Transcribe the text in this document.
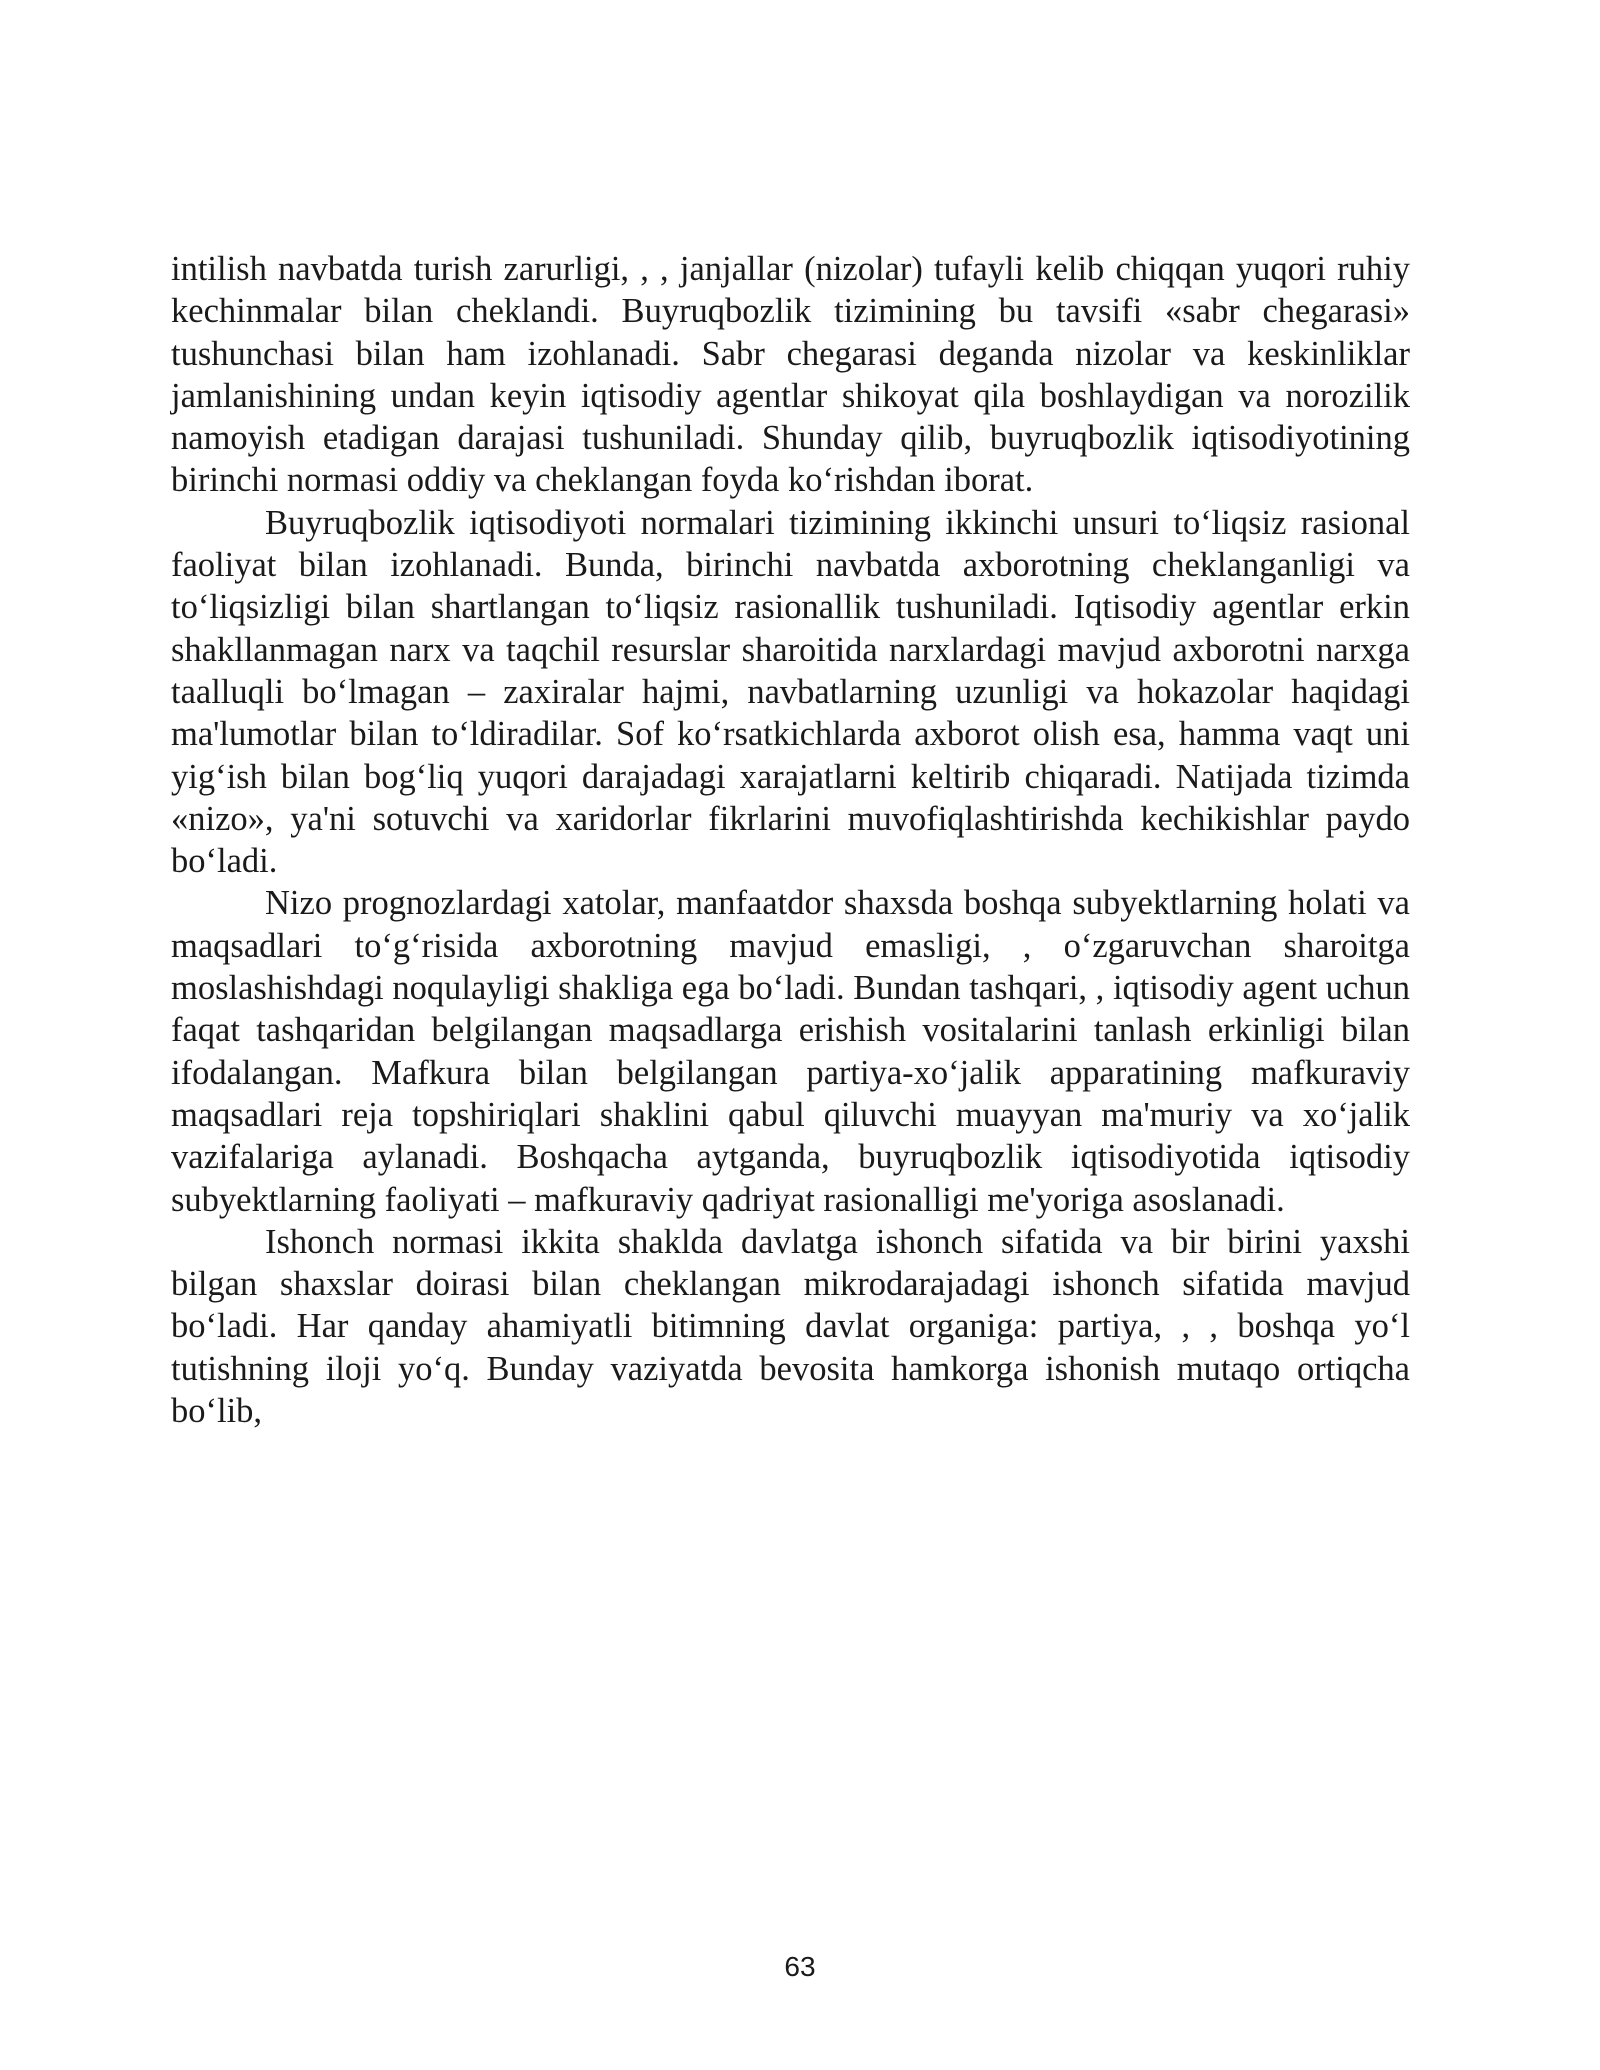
intilish navbatda turish zarurligi, , , janjallar (nizolar) tufayli kelib chiqqan yuqori ruhiy kechinmalar bilan cheklandi. Buyruqbozlik tizimining bu tavsifi «sabr chegarasi» tushunchasi bilan ham izohlanadi. Sabr chegarasi deganda nizolar va keskinliklar jamlanishining undan keyin iqtisodiy agentlar shikoyat qila boshlaydigan va norozilik namoyish etadigan darajasi tushuniladi. Shunday qilib, buyruqbozlik iqtisodiyotining birinchi normasi oddiy va cheklangan foyda ko‘rishdan iborat.

Buyruqbozlik iqtisodiyoti normalari tizimining ikkinchi unsuri to‘liqsiz rasional faoliyat bilan izohlanadi. Bunda, birinchi navbatda axborotning cheklanganligi va to‘liqsizligi bilan shartlangan to‘liqsiz rasionallik tushuniladi. Iqtisodiy agentlar erkin shakllanmagan narx va taqchil resurslar sharoitida narxlardagi mavjud axborotni narxga taalluqli bo‘lmagan – zaxiralar hajmi, navbatlarning uzunligi va hokazolar haqidagi ma'lumotlar bilan to‘ldiradilar. Sof ko‘rsatkichlarda axborot olish esa, hamma vaqt uni yig‘ish bilan bog‘liq yuqori darajadagi xarajatlarni keltirib chiqaradi. Natijada tizimda «nizo», ya'ni sotuvchi va xaridorlar fikrlarini muvofiqlashtirishda kechikishlar paydo bo‘ladi.

Nizo prognozlardagi xatolar, manfaatdor shaxsda boshqa subyektlarning holati va maqsadlari to‘g‘risida axborotning mavjud emasligi, , o‘zgaruvchan sharoitga moslashishdagi noqulayligi shakliga ega bo‘ladi. Bundan tashqari, , iqtisodiy agent uchun faqat tashqaridan belgilangan maqsadlarga erishish vositalarini tanlash erkinligi bilan ifodalangan. Mafkura bilan belgilangan partiya-xo‘jalik apparatining mafkuraviy maqsadlari reja topshiriqlari shaklini qabul qiluvchi muayyan ma'muriy va xo‘jalik vazifalariga aylanadi. Boshqacha aytganda, buyruqbozlik iqtisodiyotida iqtisodiy subyektlarning faoliyati – mafkuraviy qadriyat rasionalligi me'yoriga asoslanadi.

Ishonch normasi ikkita shaklda davlatga ishonch sifatida va bir birini yaxshi bilgan shaxslar doirasi bilan cheklangan mikrodarajadagi ishonch sifatida mavjud bo‘ladi. Har qanday ahamiyatli bitimning davlat organiga: partiya, , , boshqa yo‘l tutishning iloji yo‘q. Bunday vaziyatda bevosita hamkorga ishonish mutaqo ortiqcha bo‘lib,

63
